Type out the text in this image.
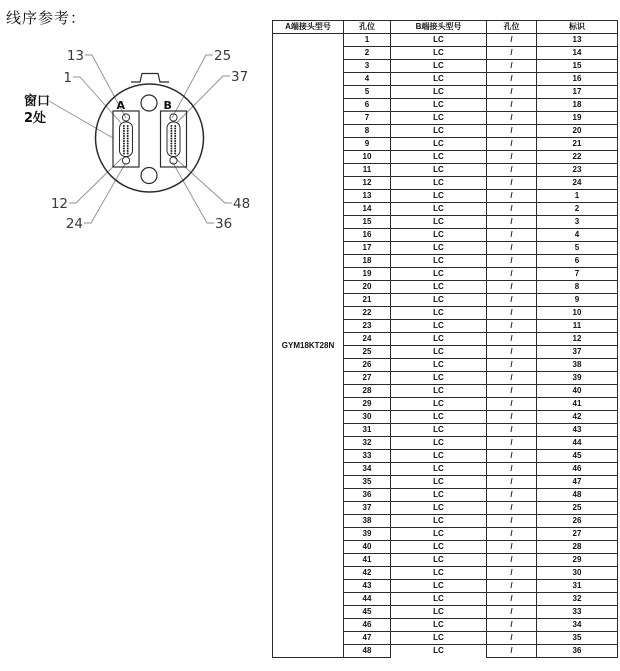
线序参考：
A	B
13
1
25
37
12
24
48
36
窗口
2处
A端接头型号	孔位	B端接头型号	孔位	标识
GYM18KT28N	1	LC	/	13
	2	LC	/	14
	3	LC	/	15
	4	LC	/	16
	5	LC	/	17
	6	LC	/	18
	7	LC	/	19
	8	LC	/	20
	9	LC	/	21
	10	LC	/	22
	11	LC	/	23
	12	LC	/	24
	13	LC	/	1
	14	LC	/	2
	15	LC	/	3
	16	LC	/	4
	17	LC	/	5
	18	LC	/	6
	19	LC	/	7
	20	LC	/	8
	21	LC	/	9
	22	LC	/	10
	23	LC	/	11
	24	LC	/	12
	25	LC	/	37
	26	LC	/	38
	27	LC	/	39
	28	LC	/	40
	29	LC	/	41
	30	LC	/	42
	31	LC	/	43
	32	LC	/	44
	33	LC	/	45
	34	LC	/	46
	35	LC	/	47
	36	LC	/	48
	37	LC	/	25
	38	LC	/	26
	39	LC	/	27
	40	LC	/	28
	41	LC	/	29
	42	LC	/	30
	43	LC	/	31
	44	LC	/	32
	45	LC	/	33
	46	LC	/	34
	47	LC	/	35
	48	LC	/	36
